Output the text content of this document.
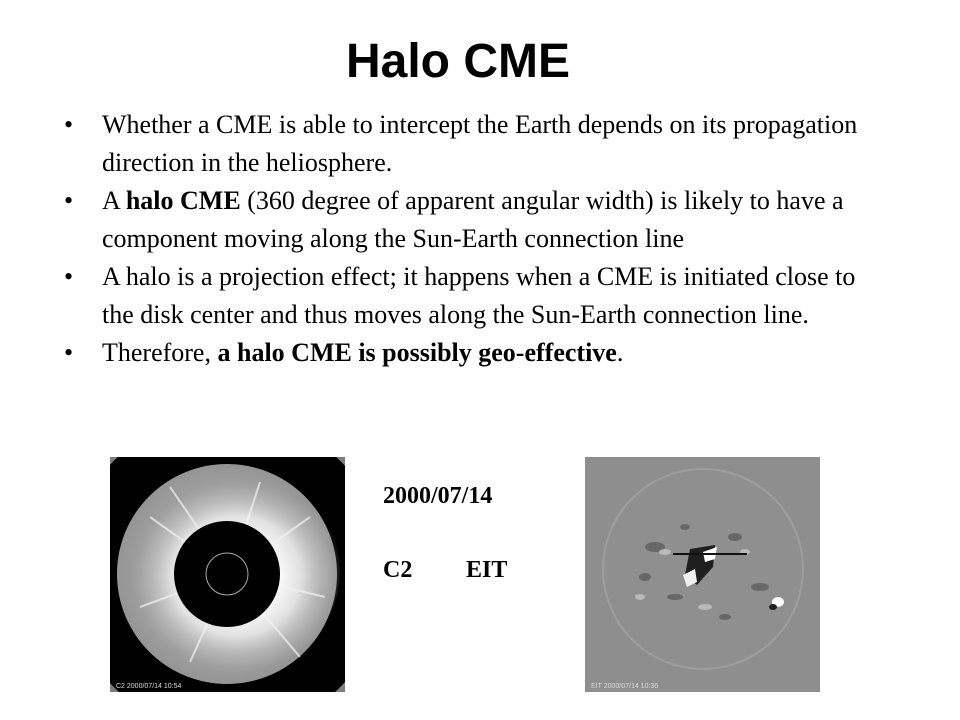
Halo CME
• Whether a CME is able to intercept the Earth depends on its propagation direction in the heliosphere.
• A halo CME (360 degree of apparent angular width) is likely to have a component moving along the Sun-Earth connection line
• A halo is a projection effect; it happens when a CME is initiated close to the disk center and thus moves along the Sun-Earth connection line.
• Therefore, a halo CME is possibly geo-effective.
C2 2000/07/14 10:54
2000/07/14
C2 EIT
EIT 2000/07/14 10:36
